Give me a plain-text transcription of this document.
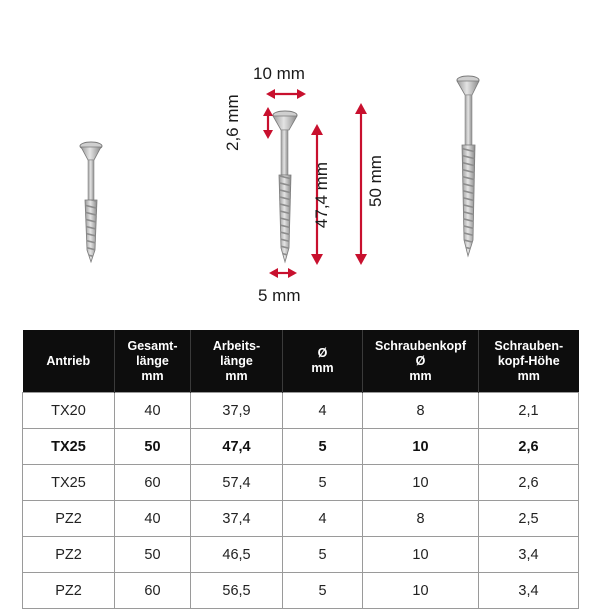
10 mm
2,6 mm
47,4 mm 50 mm
5 mm
Antrieb	Gesamt-
länge
mm	Arbeits-
länge
mm	Ø
mm	Schraubenkopf
Ø
mm	Schrauben-
kopf-Höhe
mm

TX20	40	37,9	4	8	2,1
TX25	50	47,4	5	10	2,6
TX25	60	57,4	5	10	2,6
PZ2	40	37,4	4	8	2,5
PZ2	50	46,5	5	10	3,4
PZ2	60	56,5	5	10	3,4
